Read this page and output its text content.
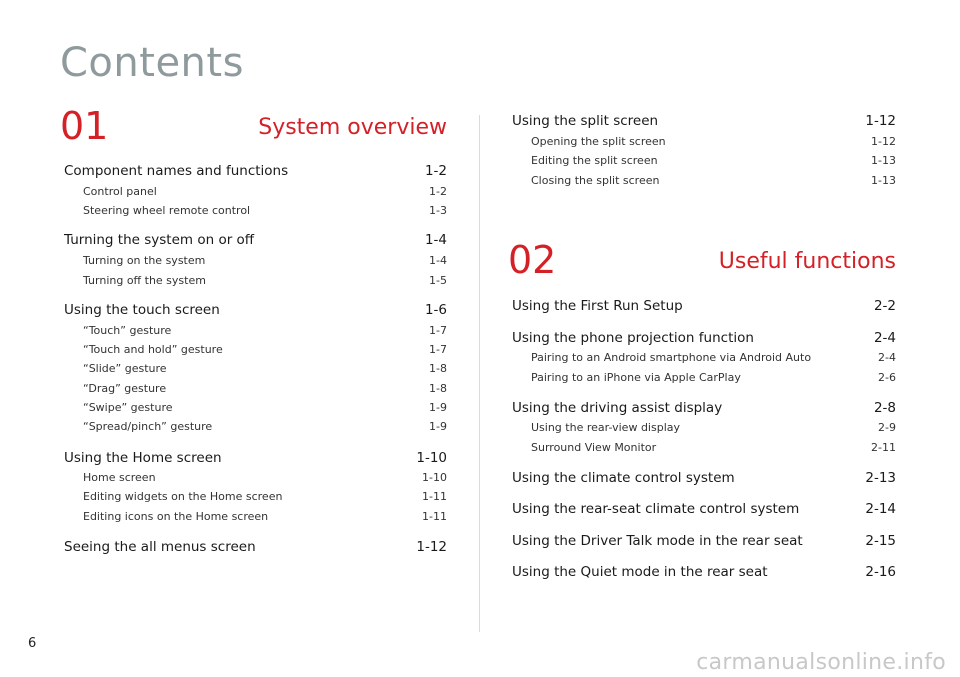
Contents
01	System overview
Component names and functions	1-2
Control panel	1-2
Steering wheel remote control	1-3
Turning the system on or off	1-4
Turning on the system	1-4
Turning off the system	1-5
Using the touch screen	1-6
“Touch” gesture	1-7
“Touch and hold” gesture	1-7
“Slide” gesture	1-8
“Drag” gesture	1-8
“Swipe” gesture	1-9
“Spread/pinch” gesture	1-9
Using the Home screen	1-10
Home screen	1-10
Editing widgets on the Home screen	1-11
Editing icons on the Home screen	1-11
Seeing the all menus screen	1-12
Using the split screen	1-12
Opening the split screen	1-12
Editing the split screen	1-13
Closing the split screen	1-13
02	Useful functions
Using the First Run Setup	2-2
Using the phone projection function	2-4
Pairing to an Android smartphone via Android Auto	2-4
Pairing to an iPhone via Apple CarPlay	2-6
Using the driving assist display	2-8
Using the rear-view display	2-9
Surround View Monitor	2-11
Using the climate control system	2-13
Using the rear-seat climate control system	2-14
Using the Driver Talk mode in the rear seat	2-15
Using the Quiet mode in the rear seat	2-16
6
carmanualsonline.info
